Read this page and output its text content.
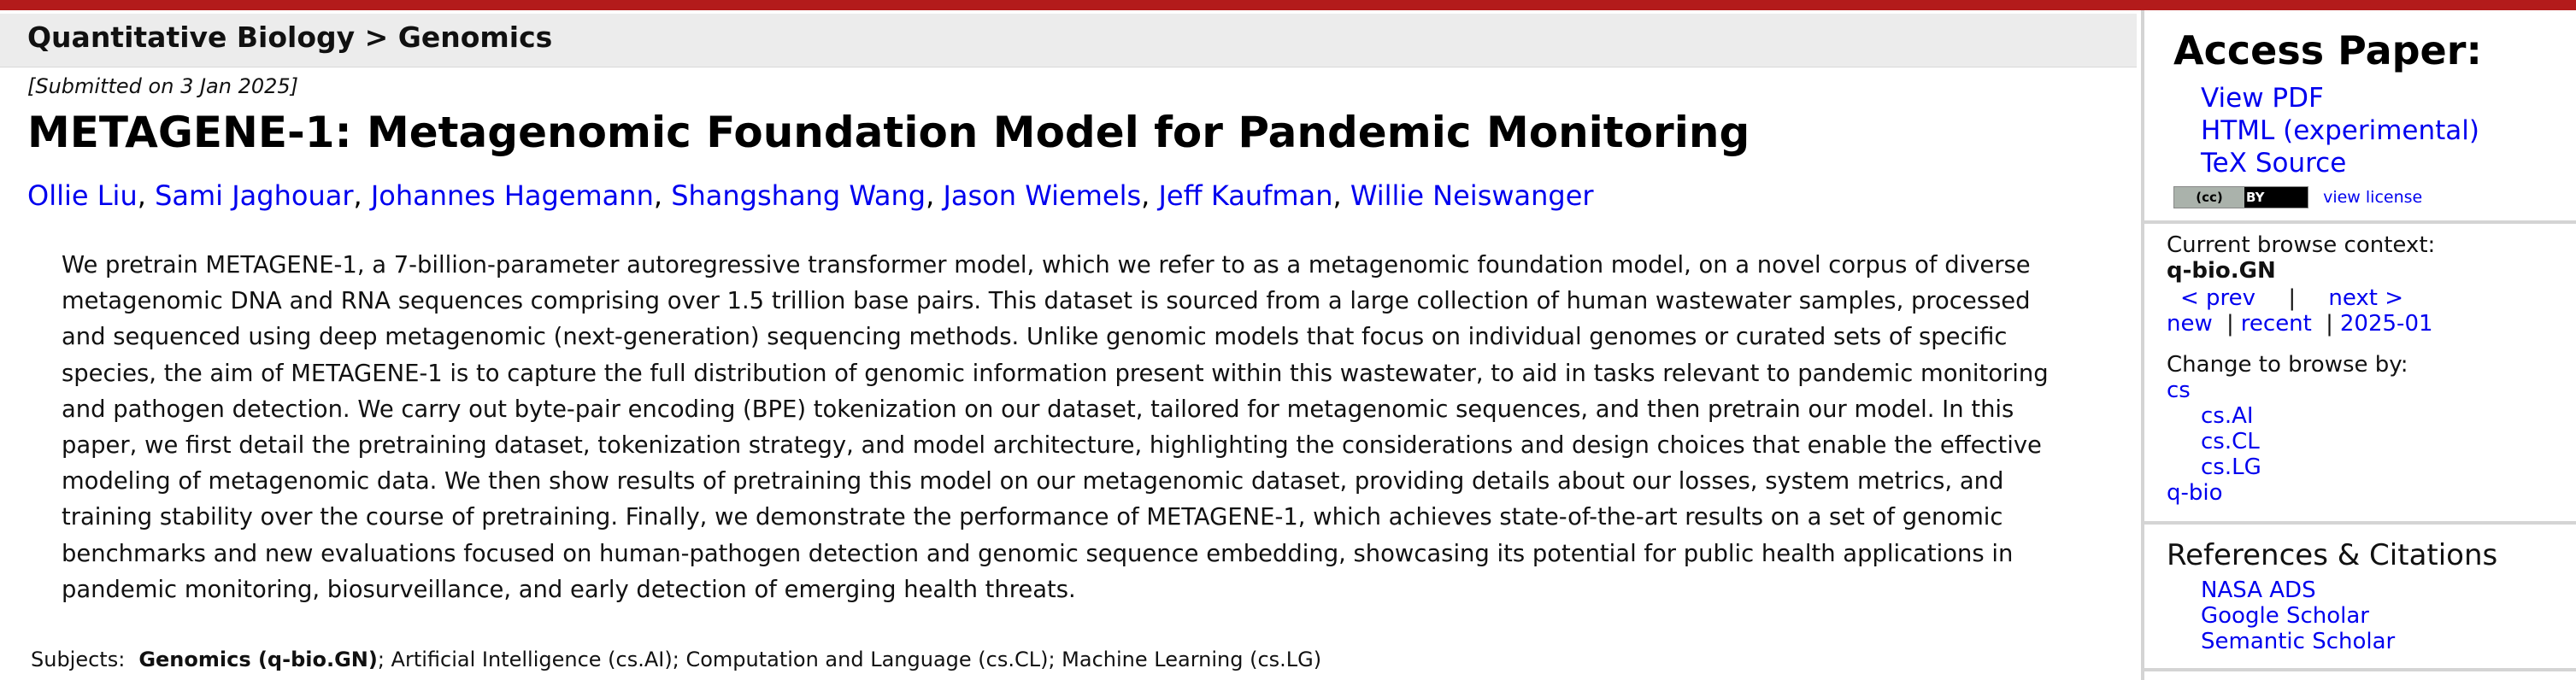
Quantitative Biology > Genomics
[Submitted on 3 Jan 2025]
METAGENE-1: Metagenomic Foundation Model for Pandemic Monitoring
Ollie Liu, Sami Jaghouar, Johannes Hagemann, Shangshang Wang, Jason Wiemels, Jeff Kaufman, Willie Neiswanger

We pretrain METAGENE-1, a 7-billion-parameter autoregressive transformer model, which we refer to as a metagenomic foundation model, on a novel corpus of diverse metagenomic DNA and RNA sequences comprising over 1.5 trillion base pairs. This dataset is sourced from a large collection of human wastewater samples, processed and sequenced using deep metagenomic (next-generation) sequencing methods. Unlike genomic models that focus on individual genomes or curated sets of specific species, the aim of METAGENE-1 is to capture the full distribution of genomic information present within this wastewater, to aid in tasks relevant to pandemic monitoring and pathogen detection. We carry out byte-pair encoding (BPE) tokenization on our dataset, tailored for metagenomic sequences, and then pretrain our model. In this paper, we first detail the pretraining dataset, tokenization strategy, and model architecture, highlighting the considerations and design choices that enable the effective modeling of metagenomic data. We then show results of pretraining this model on our metagenomic dataset, providing details about our losses, system metrics, and training stability over the course of pretraining. Finally, we demonstrate the performance of METAGENE-1, which achieves state-of-the-art results on a set of genomic benchmarks and new evaluations focused on human-pathogen detection and genomic sequence embedding, showcasing its potential for public health applications in pandemic monitoring, biosurveillance, and early detection of emerging health threats.

Subjects: Genomics (q-bio.GN); Artificial Intelligence (cs.AI); Computation and Language (cs.CL); Machine Learning (cs.LG)
Access Paper:
View PDF
HTML (experimental)
TeX Source
(cc)	BY	view license
Current browse context:
q-bio.GN
< prev | next >
new | recent | 2025-01
Change to browse by:
cs
cs.AI
cs.CL
cs.LG
q-bio
References & Citations
NASA ADS
Google Scholar
Semantic Scholar
